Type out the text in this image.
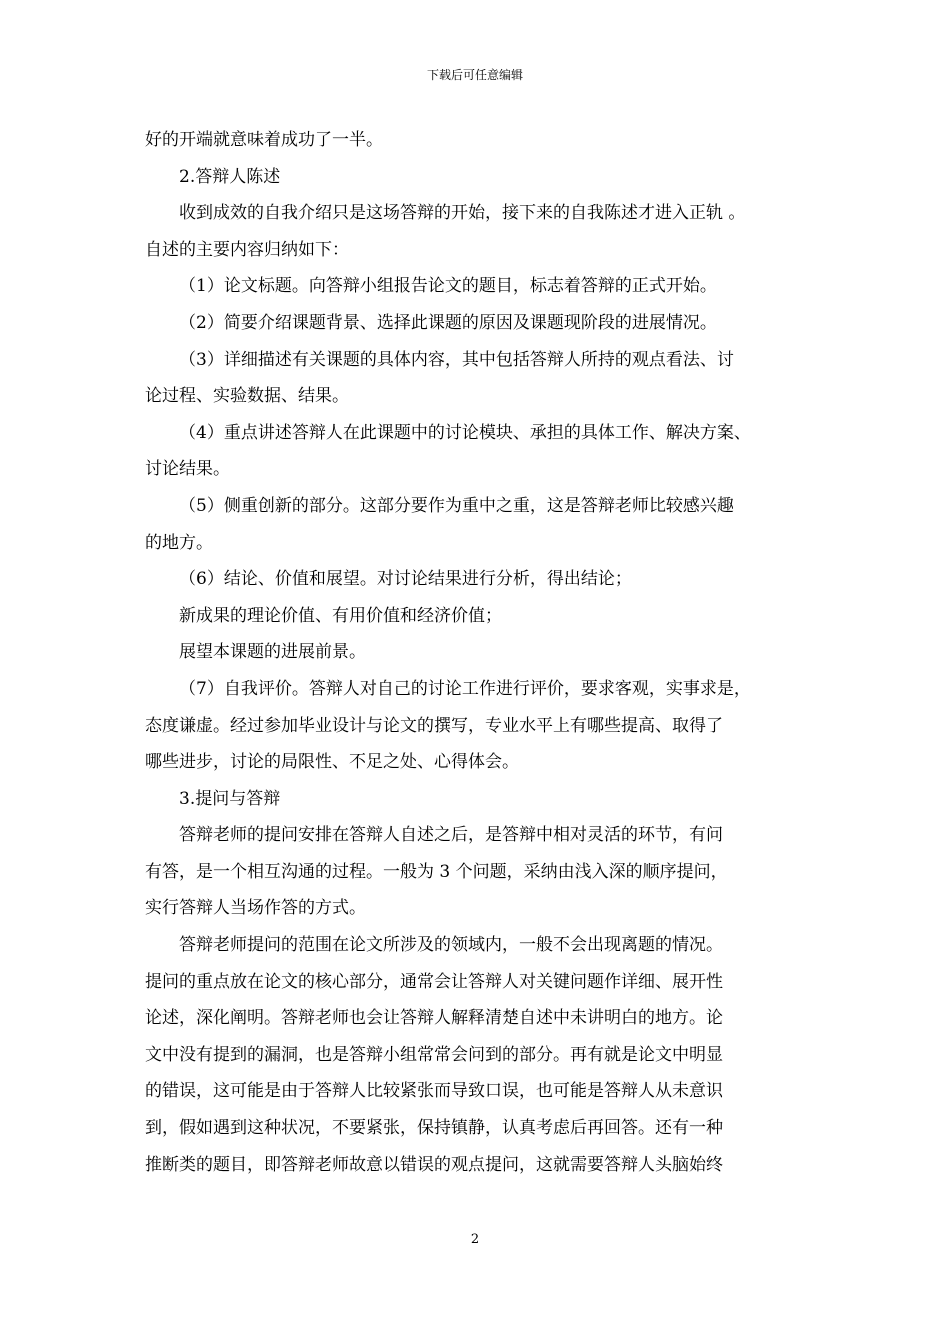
下载后可任意编辑

好的开端就意味着成功了一半。

2.答辩人陈述

收到成效的自我介绍只是这场答辩的开始，接下来的自我陈述才进入正轨 。

自述的主要内容归纳如下：

（1）论文标题。向答辩小组报告论文的题目，标志着答辩的正式开始。

（2）简要介绍课题背景、选择此课题的原因及课题现阶段的进展情况。

（3）详细描述有关课题的具体内容，其中包括答辩人所持的观点看法、讨

论过程、实验数据、结果。

（4）重点讲述答辩人在此课题中的讨论模块、承担的具体工作、解决方案、

讨论结果。

（5）侧重创新的部分。这部分要作为重中之重，这是答辩老师比较感兴趣

的地方。

（6）结论、价值和展望。对讨论结果进行分析，得出结论；

新成果的理论价值、有用价值和经济价值；

展望本课题的进展前景。

（7）自我评价。答辩人对自己的讨论工作进行评价，要求客观，实事求是，

态度谦虚。经过参加毕业设计与论文的撰写，专业水平上有哪些提高、取得了

哪些进步，讨论的局限性、不足之处、心得体会。

3.提问与答辩

答辩老师的提问安排在答辩人自述之后，是答辩中相对灵活的环节，有问

有答，是一个相互沟通的过程。一般为 3 个问题，采纳由浅入深的顺序提问，

实行答辩人当场作答的方式。

答辩老师提问的范围在论文所涉及的领域内，一般不会出现离题的情况。

提问的重点放在论文的核心部分，通常会让答辩人对关键问题作详细、展开性

论述，深化阐明。答辩老师也会让答辩人解释清楚自述中未讲明白的地方。论

文中没有提到的漏洞，也是答辩小组常常会问到的部分。再有就是论文中明显

的错误，这可能是由于答辩人比较紧张而导致口误，也可能是答辩人从未意识

到，假如遇到这种状况，不要紧张，保持镇静，认真考虑后再回答。还有一种

推断类的题目，即答辩老师故意以错误的观点提问，这就需要答辩人头脑始终

2
